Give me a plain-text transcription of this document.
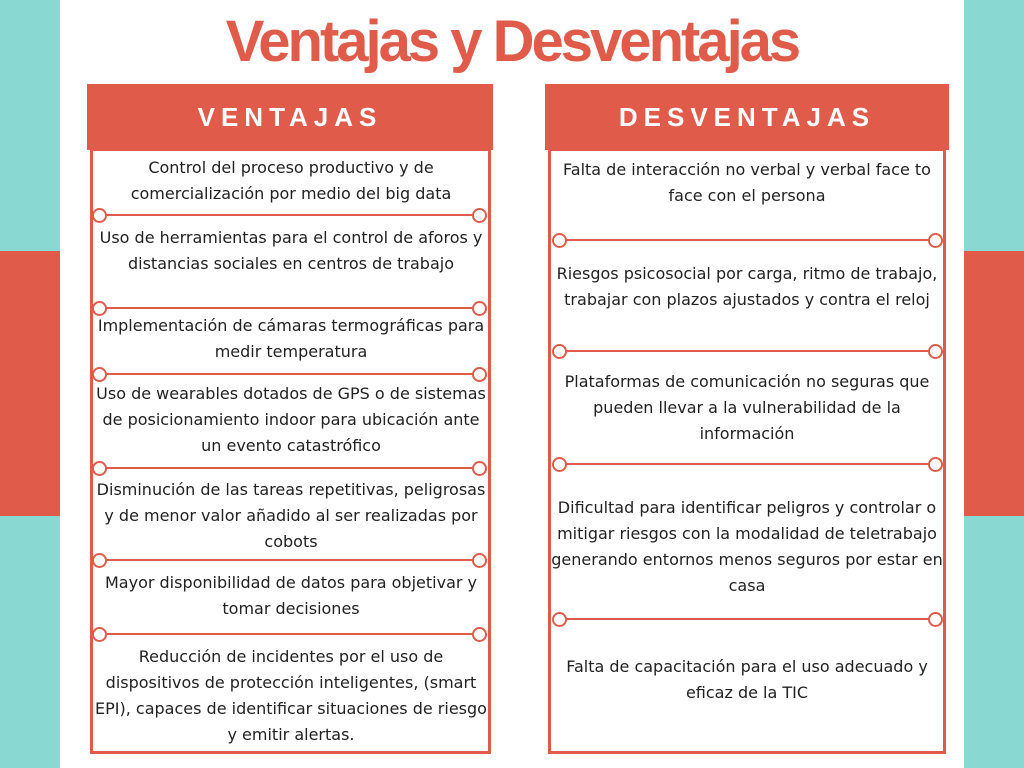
Ventajas y Desventajas
VENTAJAS	DESVENTAJAS
Control del proceso productivo y de comercialización por medio del big data
Uso de herramientas para el control de aforos y distancias sociales en centros de trabajo
Implementación de cámaras termográficas para medir temperatura
Uso de wearables dotados de GPS o de sistemas de posicionamiento indoor para ubicación ante un evento catastrófico
Disminución de las tareas repetitivas, peligrosas y de menor valor añadido al ser realizadas por cobots
Mayor disponibilidad de datos para objetivar y tomar decisiones
Reducción de incidentes por el uso de dispositivos de protección inteligentes, (smart EPI), capaces de identificar situaciones de riesgo y emitir alertas.
Falta de interacción no verbal y verbal face to face con el persona
Riesgos psicosocial por carga, ritmo de trabajo, trabajar con plazos ajustados y contra el reloj
Plataformas de comunicación no seguras que pueden llevar a la vulnerabilidad de la información
Dificultad para identificar peligros y controlar o mitigar riesgos con la modalidad de teletrabajo generando entornos menos seguros por estar en casa
Falta de capacitación para el uso adecuado y eficaz de la TIC
